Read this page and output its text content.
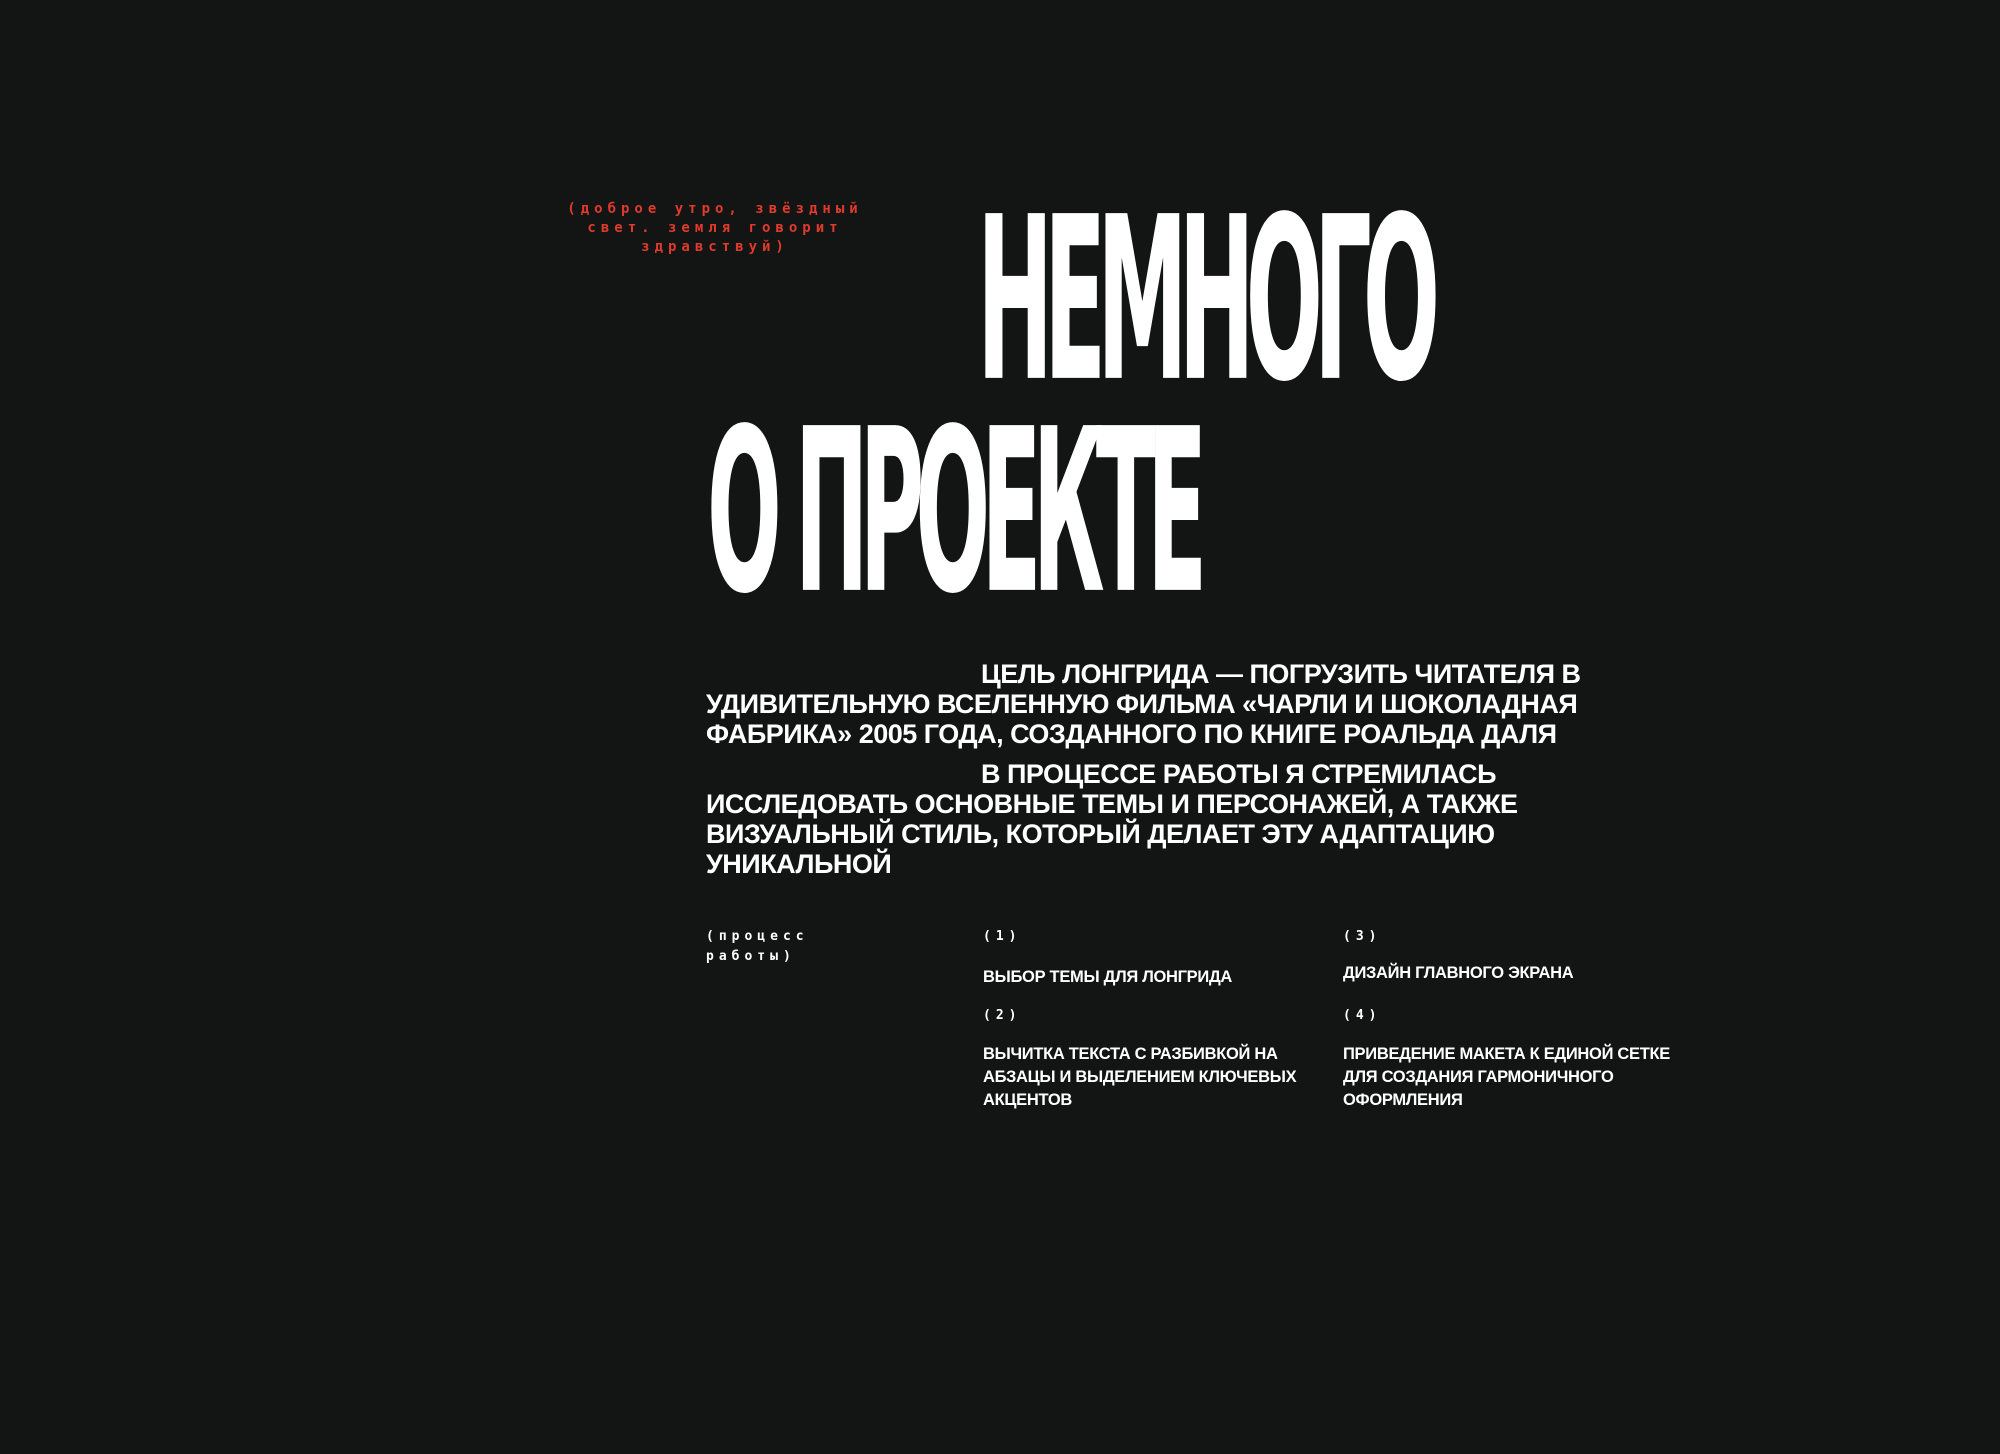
(доброе утро, звёздный свет. земля говорит здравствуй)	НЕМНОГО
О ПРОЕКТЕ

ЦЕЛЬ ЛОНГРИДА — ПОГРУЗИТЬ ЧИТАТЕЛЯ В УДИВИТЕЛЬНУЮ ВСЕЛЕННУЮ ФИЛЬМА «ЧАРЛИ И ШОКОЛАДНАЯ ФАБРИКА» 2005 ГОДА, СОЗДАННОГО ПО КНИГЕ РОАЛЬДА ДАЛЯ

В ПРОЦЕССЕ РАБОТЫ Я СТРЕМИЛАСЬ ИССЛЕДОВАТЬ ОСНОВНЫЕ ТЕМЫ И ПЕРСОНАЖЕЙ, А ТАКЖЕ ВИЗУАЛЬНЫЙ СТИЛЬ, КОТОРЫЙ ДЕЛАЕТ ЭТУ АДАПТАЦИЮ УНИКАЛЬНОЙ

(процесс работы)
(1)
ВЫБОР ТЕМЫ ДЛЯ ЛОНГРИДА
(2)
ВЫЧИТКА ТЕКСТА С РАЗБИВКОЙ НА АБЗАЦЫ И ВЫДЕЛЕНИЕМ КЛЮЧЕВЫХ АКЦЕНТОВ
(3)
ДИЗАЙН ГЛАВНОГО ЭКРАНА
(4)
ПРИВЕДЕНИЕ МАКЕТА К ЕДИНОЙ СЕТКЕ ДЛЯ СОЗДАНИЯ ГАРМОНИЧНОГО ОФОРМЛЕНИЯ
